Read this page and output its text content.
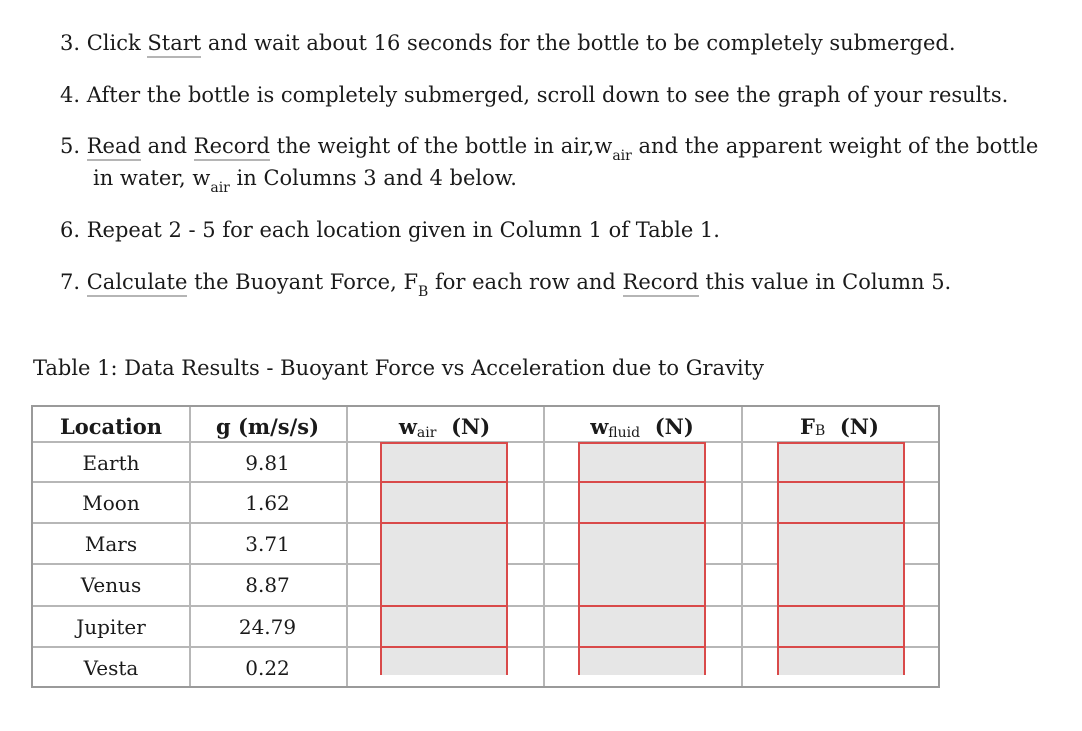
3. Click Start and wait about 16 seconds for the bottle to be completely submerged.
4. After the bottle is completely submerged, scroll down to see the graph of your results.
5. Read and Record the weight of the bottle in $air,w_{air}$ and the apparent weight of the bottle
in water, $w_{air}$ in Columns 3 and 4 below.
6. Repeat 2 - 5 for each location given in Column 1 of Table 1.
7. Calculate the Buoyant Force, $F_B$ for each row and Record this value in Column 5.
Table 1: Data Results - Buoyant Force vs Acceleration due to Gravity
Location	g (m/s/s)	w air (N)	w fluid (N)	F B (N)
Earth	9.81
Moon	1.62
Mars	3.71
Venus	8.87
Jupiter	24.79
Vesta	0.22
